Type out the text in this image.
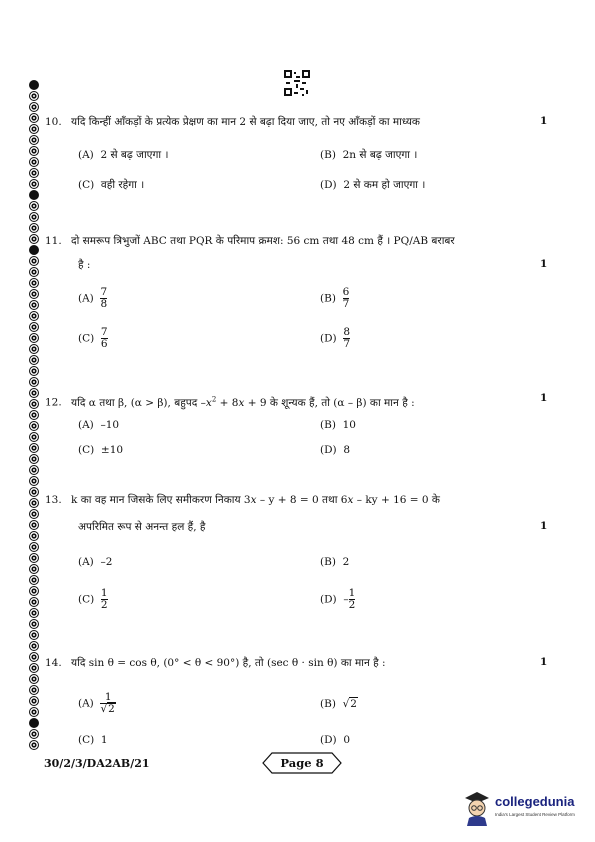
10. यदि किन्हीं आँकड़ों के प्रत्येक प्रेक्षण का मान 2 से बढ़ा दिया जाए, तो नए आँकड़ों का माध्यक	1
(A) 2 से बढ़ जाएगा ।	(B) 2n से बढ़ जाएगा ।
(C) वही रहेगा ।	(D) 2 से कम हो जाएगा ।
11. दो समरूप त्रिभुजों ABC तथा PQR के परिमाप क्रमश: 56 cm तथा 48 cm हैं । PQ/AB बराबर
है :	1
$(A) \frac{7}{8}$	$(B) \frac{6}{7}$
$(C) \frac{7}{6}$	$(D) \frac{8}{7}$
12. यदि α तथा β, (α > β), बहुपद $-x^2 + 8x + 9$ के शून्यक हैं, तो (α – β) का मान है :	1
(A) –10	(B) 10
(C) ±10	(D) 8
13. k का वह मान जिसके लिए समीकरण निकाय 3x – y + 8 = 0 तथा 6x – ky + 16 = 0 के
अपरिमित रूप से अनन्त हल हैं, है	1
(A) –2	(B) 2
$(C) \frac{1}{2}$	$(D) - \frac{1}{2}$
14. यदि sin θ = cos θ, (0° < θ < 90°) है, तो (sec θ · sin θ) का मान है :	1
$(A) \frac{1}{√2}$	(B)  √2
(C) 1	(D) 0
30/2/3/DA2AB/21	Page 8
collegedunia
India's Largest Student Review Platform
